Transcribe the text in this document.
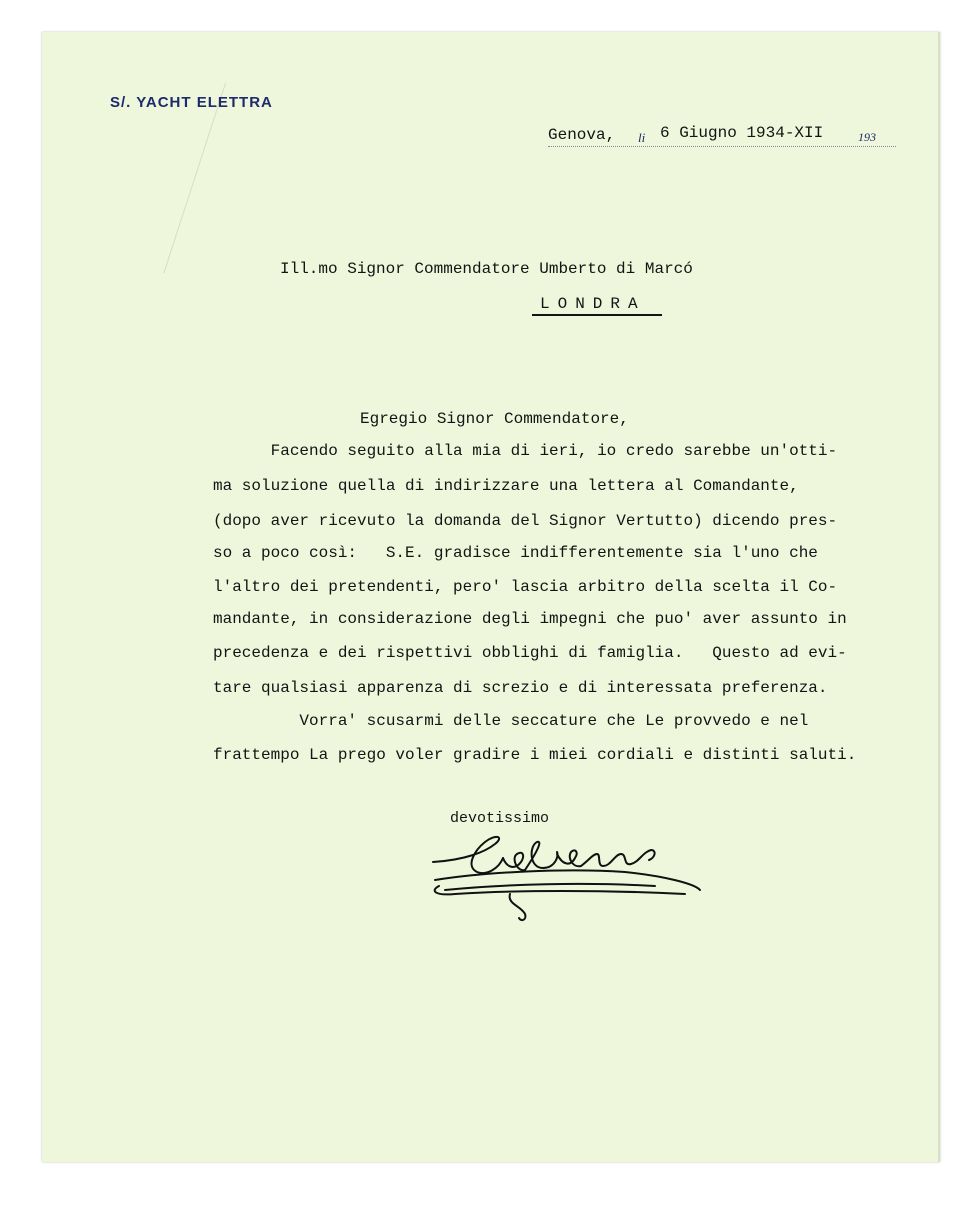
S/. YACHT ELETTRA
Genova, li 6 Giugno 1934-XII	193
Ill.mo Signor Commendatore Umberto di Marcó
LONDRA
Egregio Signor Commendatore,
Facendo seguito alla mia di ieri, io credo sarebbe un'otti-
ma soluzione quella di indirizzare una lettera al Comandante,
(dopo aver ricevuto la domanda del Signor Vertutto) dicendo pres-
so a poco così:   S.E. gradisce indifferentemente sia l'uno che
l'altro dei pretendenti, pero' lascia arbitro della scelta il Co-
mandante, in considerazione degli impegni che puo' aver assunto in
precedenza e dei rispettivi obblighi di famiglia.   Questo ad evi-
tare qualsiasi apparenza di screzio e di interessata preferenza.
Vorra' scusarmi delle seccature che Le provvedo e nel
frattempo La prego voler gradire i miei cordiali e distinti saluti.
devotissimo
